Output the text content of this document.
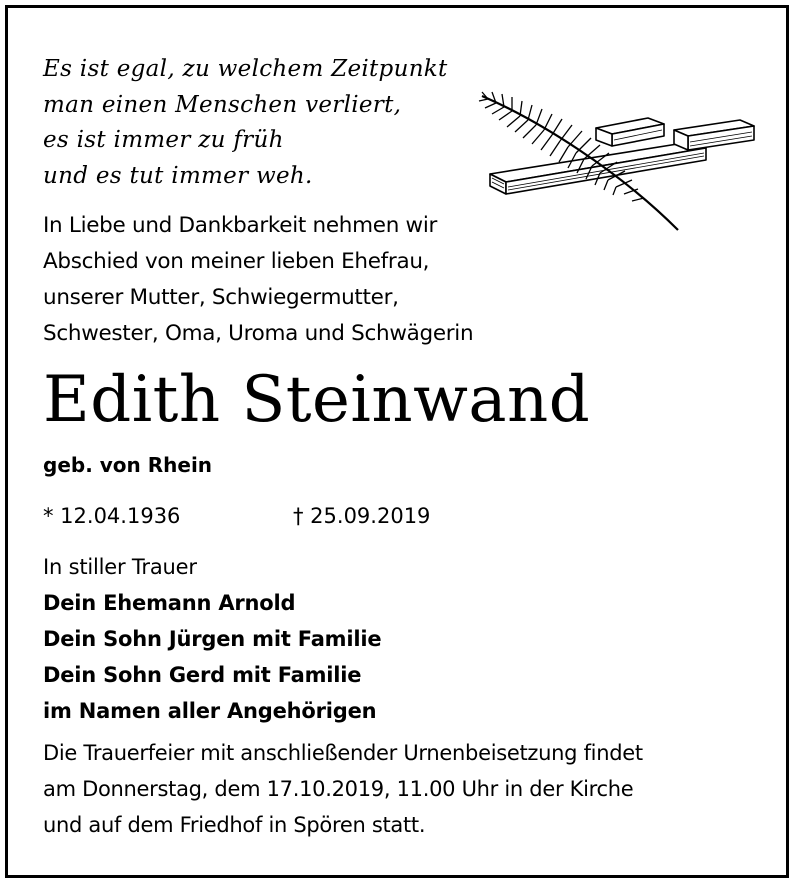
Es ist egal, zu welchem Zeitpunkt
man einen Menschen verliert,
es ist immer zu früh
und es tut immer weh.
In Liebe und Dankbarkeit nehmen wir
Abschied von meiner lieben Ehefrau,
unserer Mutter, Schwiegermutter,
Schwester, Oma, Uroma und Schwägerin
Edith Steinwand
geb. von Rhein
* 12.04.1936	† 25.09.2019
In stiller Trauer
Dein Ehemann Arnold
Dein Sohn Jürgen mit Familie
Dein Sohn Gerd mit Familie
im Namen aller Angehörigen
Die Trauerfeier mit anschließender Urnenbeisetzung findet
am Donnerstag, dem 17.10.2019, 11.00 Uhr in der Kirche
und auf dem Friedhof in Spören statt.
